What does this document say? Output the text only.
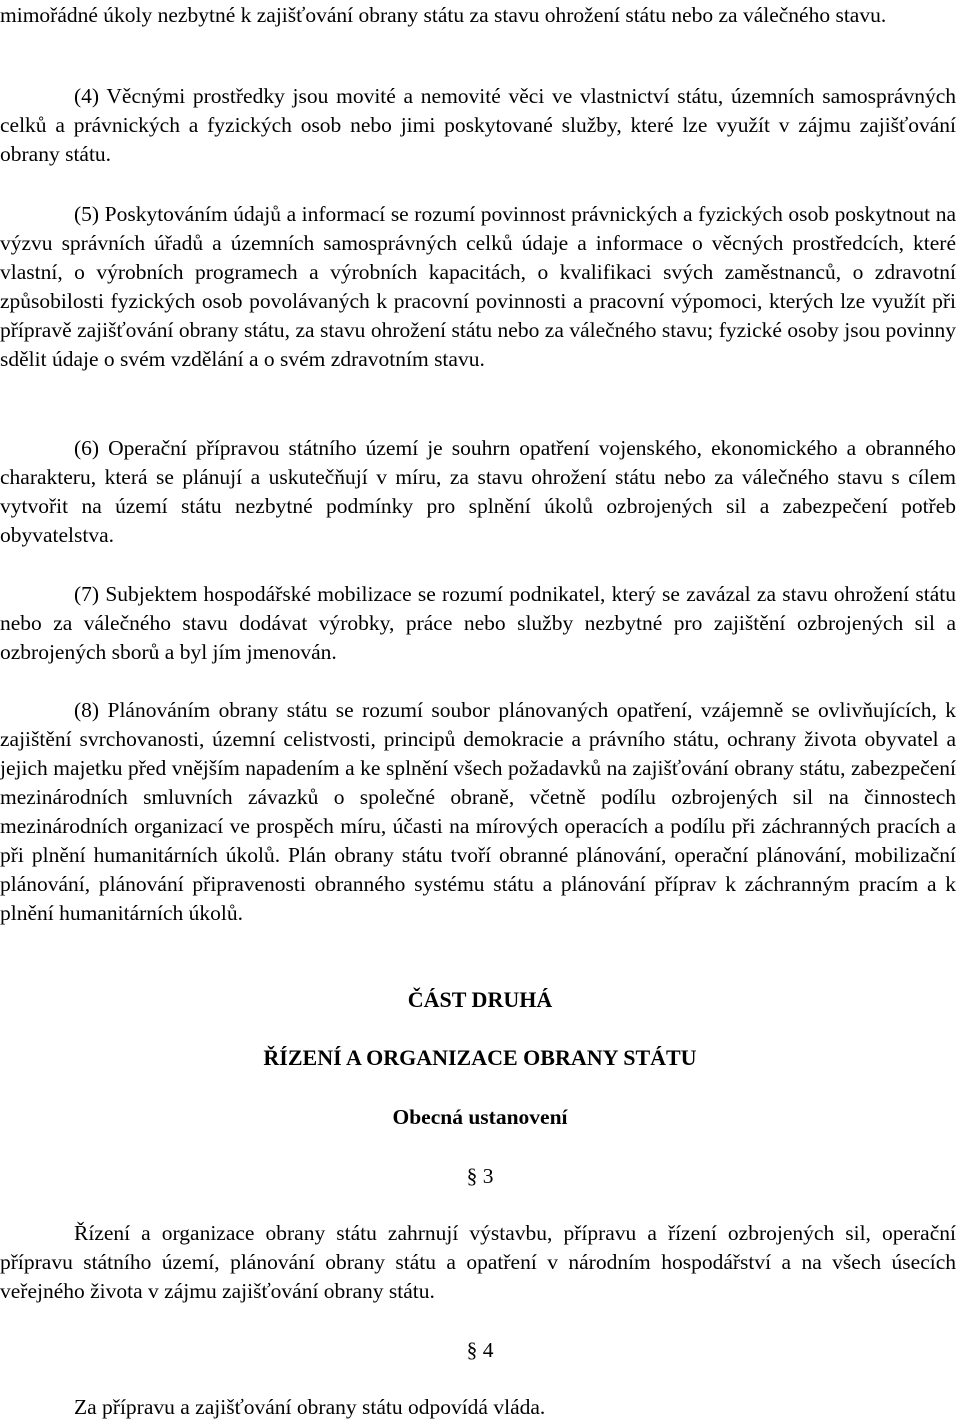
mimořádné úkoly nezbytné k zajišťování obrany státu za stavu ohrožení státu nebo za válečného stavu.

(4) Věcnými prostředky jsou movité a nemovité věci ve vlastnictví státu, územních samosprávných celků a právnických a fyzických osob nebo jimi poskytované služby, které lze využít v zájmu zajišťování obrany státu.

(5) Poskytováním údajů a informací se rozumí povinnost právnických a fyzických osob poskytnout na výzvu správních úřadů a územních samosprávných celků údaje a informace o věcných prostředcích, které vlastní, o výrobních programech a výrobních kapacitách, o kvalifikaci svých zaměstnanců, o zdravotní způsobilosti fyzických osob povolávaných k pracovní povinnosti a pracovní výpomoci, kterých lze využít při přípravě zajišťování obrany státu, za stavu ohrožení státu nebo za válečného stavu; fyzické osoby jsou povinny sdělit údaje o svém vzdělání a o svém zdravotním stavu.

(6) Operační přípravou státního území je souhrn opatření vojenského, ekonomického a obranného charakteru, která se plánují a uskutečňují v míru, za stavu ohrožení státu nebo za válečného stavu s cílem vytvořit na území státu nezbytné podmínky pro splnění úkolů ozbrojených sil a zabezpečení potřeb obyvatelstva.

(7) Subjektem hospodářské mobilizace se rozumí podnikatel, který se zavázal za stavu ohrožení státu nebo za válečného stavu dodávat výrobky, práce nebo služby nezbytné pro zajištění ozbrojených sil a ozbrojených sborů a byl jím jmenován.

(8) Plánováním obrany státu se rozumí soubor plánovaných opatření, vzájemně se ovlivňujících, k zajištění svrchovanosti, územní celistvosti, principů demokracie a právního státu, ochrany života obyvatel a jejich majetku před vnějším napadením a ke splnění všech požadavků na zajišťování obrany státu, zabezpečení mezinárodních smluvních závazků o společné obraně, včetně podílu ozbrojených sil na činnostech mezinárodních organizací ve prospěch míru, účasti na mírových operacích a podílu při záchranných pracích a při plnění humanitárních úkolů. Plán obrany státu tvoří obranné plánování, operační plánování, mobilizační plánování, plánování připravenosti obranného systému státu a plánování příprav k záchranným pracím a k plnění humanitárních úkolů.

ČÁST DRUHÁ
ŘÍZENÍ A ORGANIZACE OBRANY STÁTU
Obecná ustanovení

§ 3

Řízení a organizace obrany státu zahrnují výstavbu, přípravu a řízení ozbrojených sil, operační přípravu státního území, plánování obrany státu a opatření v národním hospodářství a na všech úsecích veřejného života v zájmu zajišťování obrany státu.

§ 4

Za přípravu a zajišťování obrany státu odpovídá vláda.
